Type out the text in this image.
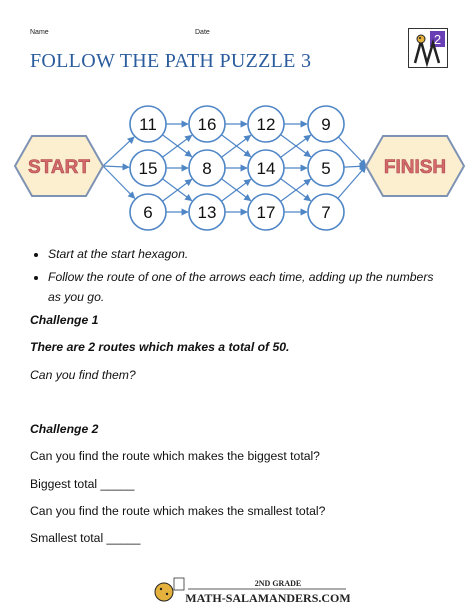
Name	Date
FOLLOW THE PATH PUZZLE 3
2
START	FINISH
11
15
6
16
8
13
12
14
17
9
5
7
• Start at the start hexagon.
• Follow the route of one of the arrows each time, adding up the numbers as you go.
Challenge 1
There are 2 routes which makes a total of 50.
Can you find them?
Challenge 2
Can you find the route which makes the biggest total?
Biggest total _____
Can you find the route which makes the smallest total?
Smallest total _____
2ND GRADE
MATH-SALAMANDERS.COM
